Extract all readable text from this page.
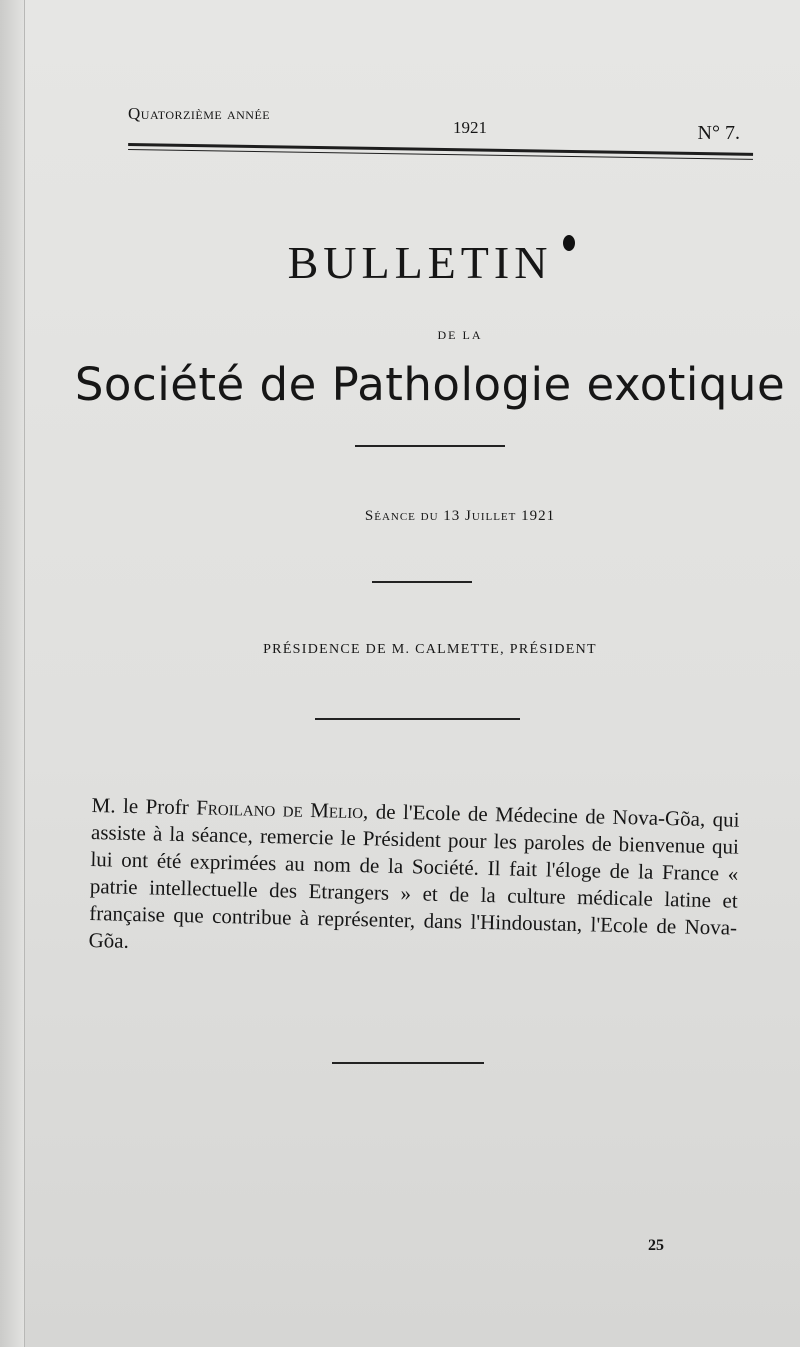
Quatorzième année
1921	N° 7.
BULLETIN
DE LA
Société de Pathologie exotique
Séance du 13 Juillet 1921
PRÉSIDENCE DE M. CALMETTE, PRÉSIDENT
M. le Profr Froilano de Melio, de l'Ecole de Médecine de Nova-Gõa, qui assiste à la séance, remercie le Président pour les paroles de bienvenue qui lui ont été exprimées au nom de la Société. Il fait l'éloge de la France « patrie intellectuelle des Etrangers » et de la culture médicale latine et française que contribue à représenter, dans l'Hindoustan, l'Ecole de Nova-Gõa.
25
